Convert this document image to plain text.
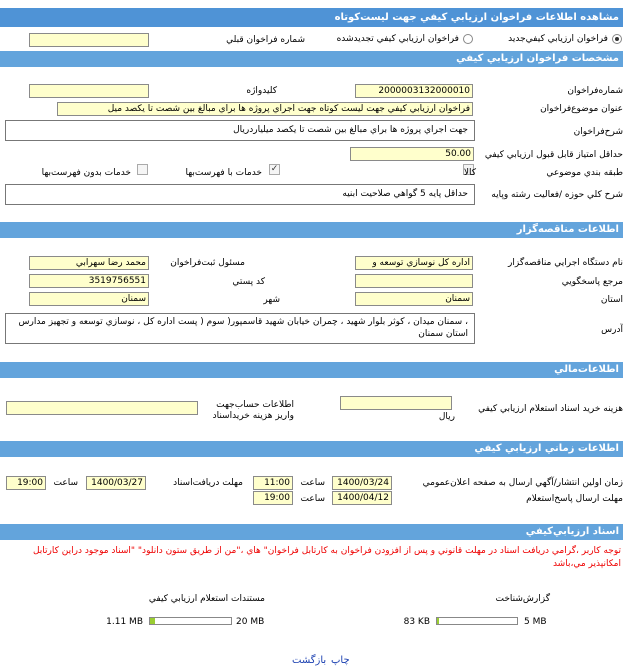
مشاهده اطلاعات فراخوان ارزيابي كيفي جهت ليست‌كوتاه
فراخوان ارزيابي كيفي‌جديد
فراخوان ارزيابي كيفي تجديدشده
شماره فراخوان قبلي
مشخصات فراخوان ارزيابي كيفي
شماره‌فراخوان
2000003132000010
كليدواژه
عنوان موضوع‌فراخوان
فراخوان ارزيابي كيفي جهت ليست كوتاه جهت اجراي پروژه ها براي مبالغ بين شصت تا يكصد ميل
شرح‌فراخوان
جهت اجراي پروژه ها براي مبالغ بين شصت تا يكصد ميلياردريال
حداقل امتياز قابل قبول ارزيابي كيفي
50.00
طبقه بندي موضوعي
كالا
✓
خدمات با فهرست‌بها
خدمات بدون فهرست‌بها
شرح كلي حوزه /فعاليت رشته وپايه
حداقل پايه 5 گواهي صلاحيت ابنيه
اطلاعات مناقصه‌گزار
نام دستگاه اجرايي مناقصه‌گزار
اداره كل نوسازي توسعه و
مسئول ثبت‌فراخوان
محمد رضا سهرابي
مرجع پاسخگويي
كد پستي
3519756551
استان
سمنان
شهر
سمنان
آدرس
، سمنان ميدان ، كوثر بلوار شهيد ، چمران خيابان شهيد قاسمپور( سوم ( پست اداره كل ، نوسازي توسعه و تجهيز مدارس استان سمنان
اطلاعات‌مالي
هزينه خريد اسناد استعلام ارزيابي كيفي
ريال
اطلاعات حساب‌جهت واريز هزينه خريداسناد
اطلاعات زماني ارزيابي كيفي
زمان اولين انتشار/آگهي ارسال به صفحه اعلان‌عمومي
1400/03/24
ساعت
11:00
مهلت دريافت‌اسناد
1400/03/27
ساعت
19:00
مهلت ارسال پاسخ‌استعلام
1400/04/12
ساعت
19:00
اسناد ارزيابي‌كيفي
توجه كاربر ،گرامي دريافت اسناد در مهلت قانوني و پس از افزودن فراخوان به كارتابل فراخوان" هاي ،"من از طريق ستون دانلود" "اسناد موجود دراين كارتابل امكانپذير مي،باشد
گزارش‌شناخت
5 MB
83 KB
مستندات استعلام ارزيابي كيفي
20 MB
1.11 MB
چاپ
بازگشت
